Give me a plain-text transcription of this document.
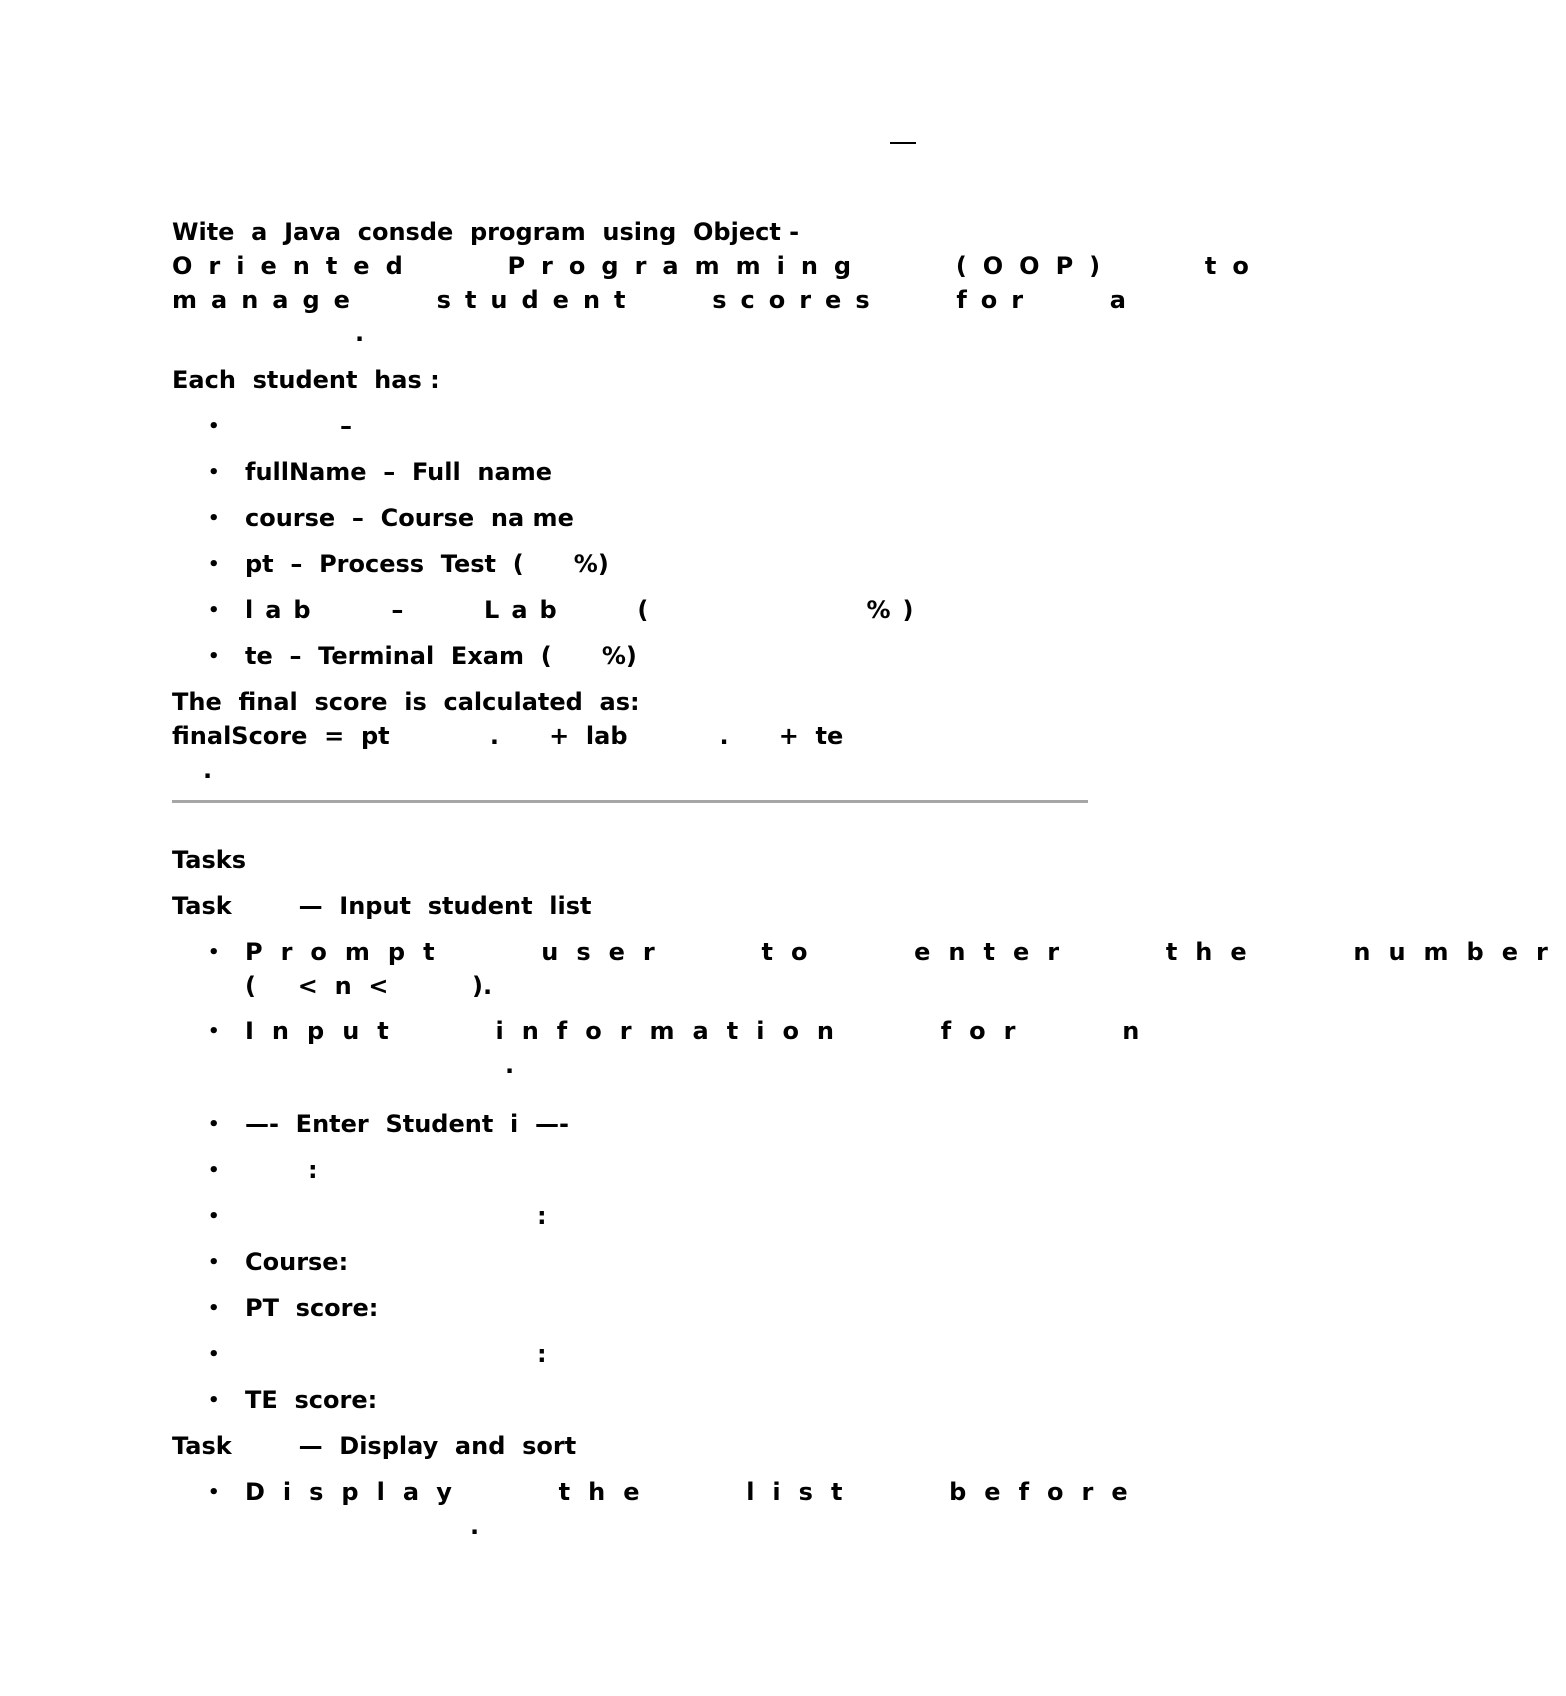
Wite  a  Java  consde  program  using  Object -
Oriented  Programming  (OOP)  to
manage  student  scores  for  a
.
Each  student  has :
•	–
• fullName  –  Full  name
• course  –  Course  na me
• pt  –  Process  Test  (      %)
• lab  –  Lab  (      %)
• te  –  Terminal  Exam  (      %)
The  final  score  is  calculated  as:
finalScore  =  pt            .      +  lab           .      +  te
.
Tasks
Task        —  Input  student  list
• Prompt  user  to  enter  the  number
(     <  n  <          ).
• Input  information  for  n
.
• —-  Enter  Student  i  —-
•	:
•	:
• Course:
• PT  score:
•	:
• TE  score:
Task        —  Display  and  sort
• Display  the  list  before
.
